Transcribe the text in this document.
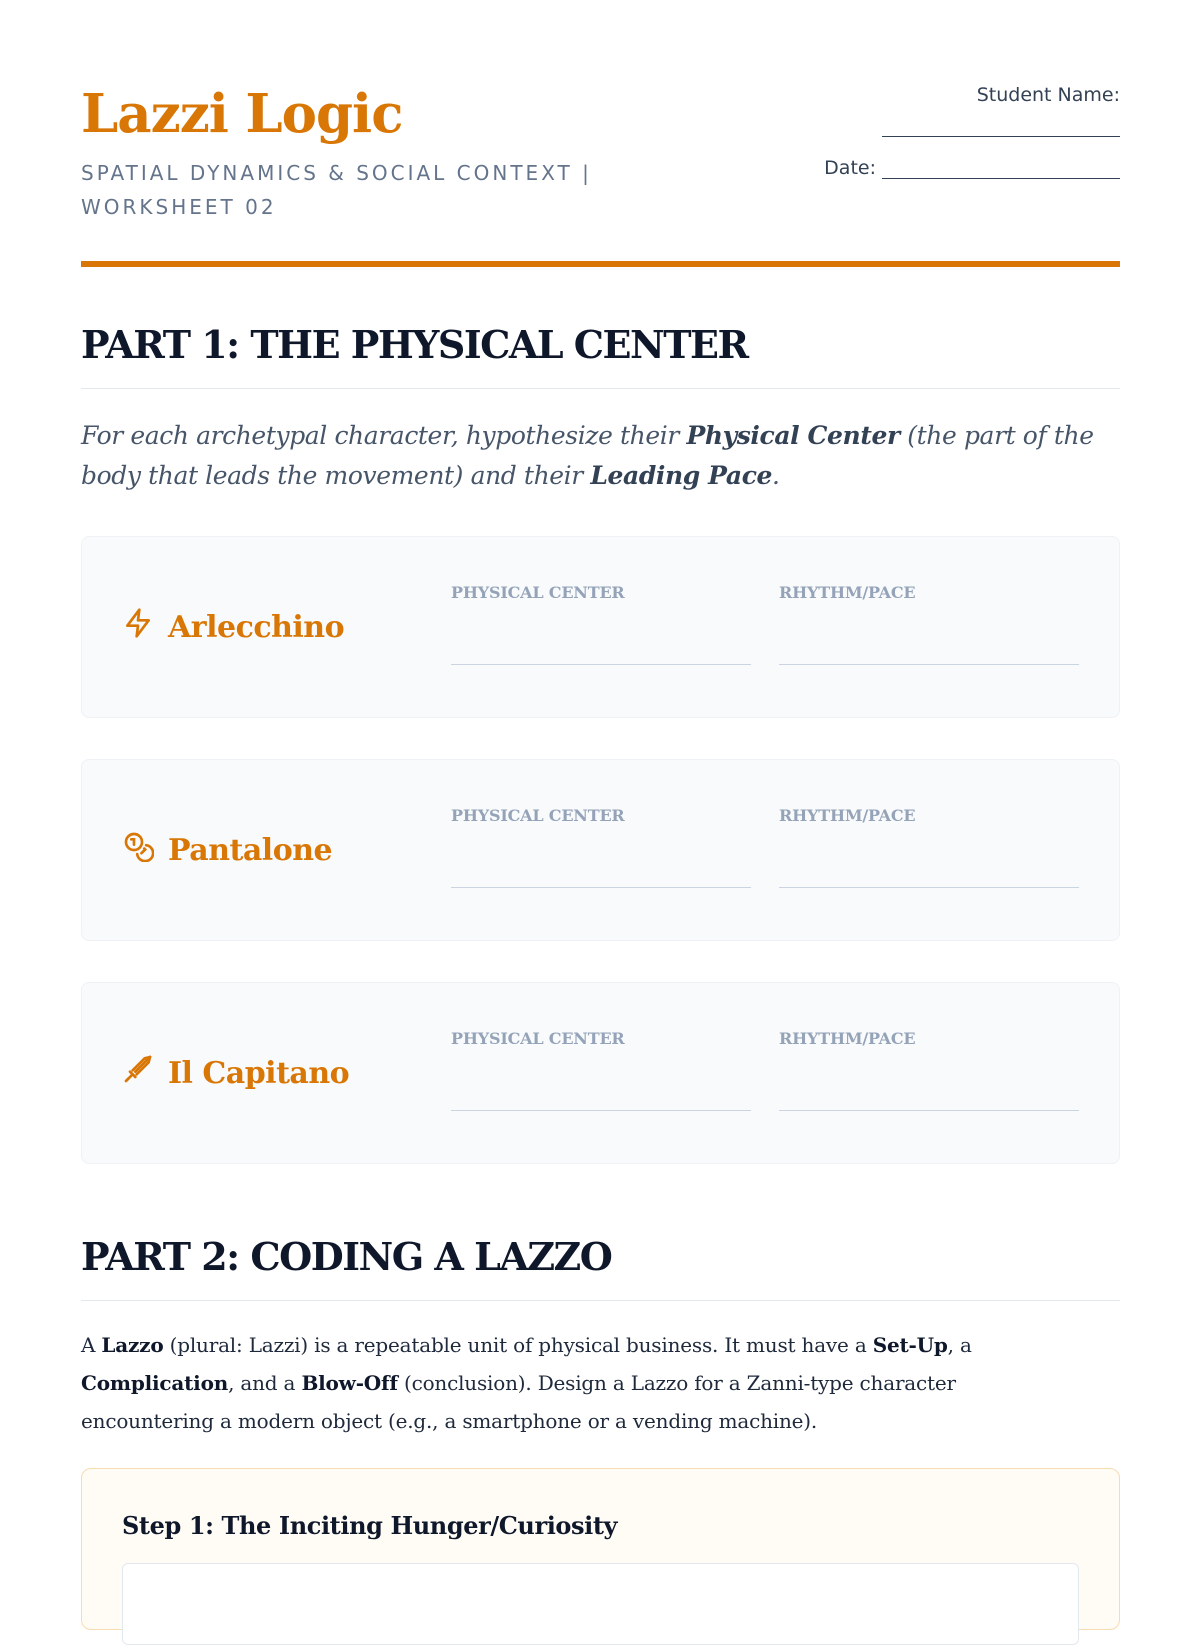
Lazzi Logic
SPATIAL DYNAMICS & SOCIAL CONTEXT | WORKSHEET 02
Student Name:
Date:
PART 1: THE PHYSICAL CENTER
For each archetypal character, hypothesize their Physical Center (the part of the body that leads the movement) and their Leading Pace.
Arlecchino
PHYSICAL CENTER	RHYTHM/PACE
Pantalone
PHYSICAL CENTER	RHYTHM/PACE
Il Capitano
PHYSICAL CENTER	RHYTHM/PACE
PART 2: CODING A LAZZO
A Lazzo (plural: Lazzi) is a repeatable unit of physical business. It must have a Set-Up, a Complication, and a Blow-Off (conclusion). Design a Lazzo for a Zanni-type character encountering a modern object (e.g., a smartphone or a vending machine).
Step 1: The Inciting Hunger/Curiosity
